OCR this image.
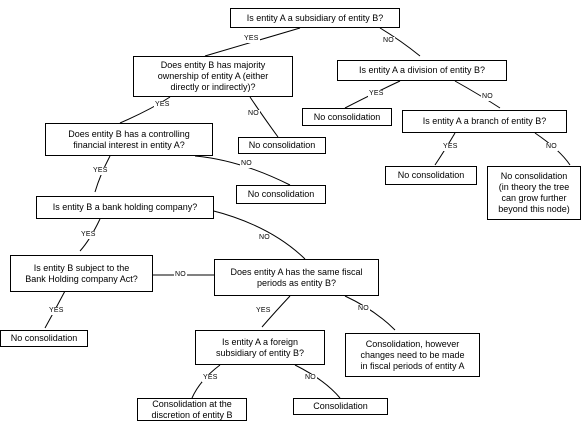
Is entity A a subsidiary of entity B?
Does entity B has majority
ownership of entity A (either
directly or indirectly)?
Is entity A a division of entity B?
Does entity B has a controlling
financial interest in entity A?	No consolidation
No consolidation	Is entity A a branch of entity B?
Is entity B a bank holding company?
No consolidation
No consolidation	No consolidation
(in theory the tree
can grow further
beyond this node)
Is entity B subject to the
Bank Holding company Act?
Does entity A has the same fiscal
periods as entity B?
No consolidation	Is entity A a foreign
subsidiary of entity B?
Consolidation, however
changes need to be made
in fiscal periods of entity A
Consolidation at the
discretion of entity B
Consolidation
YES	NO
YES
NO
YES	NO
YES
NO
YES	NO
YES	NO
NO
YES	YES	NO
YES	NO
